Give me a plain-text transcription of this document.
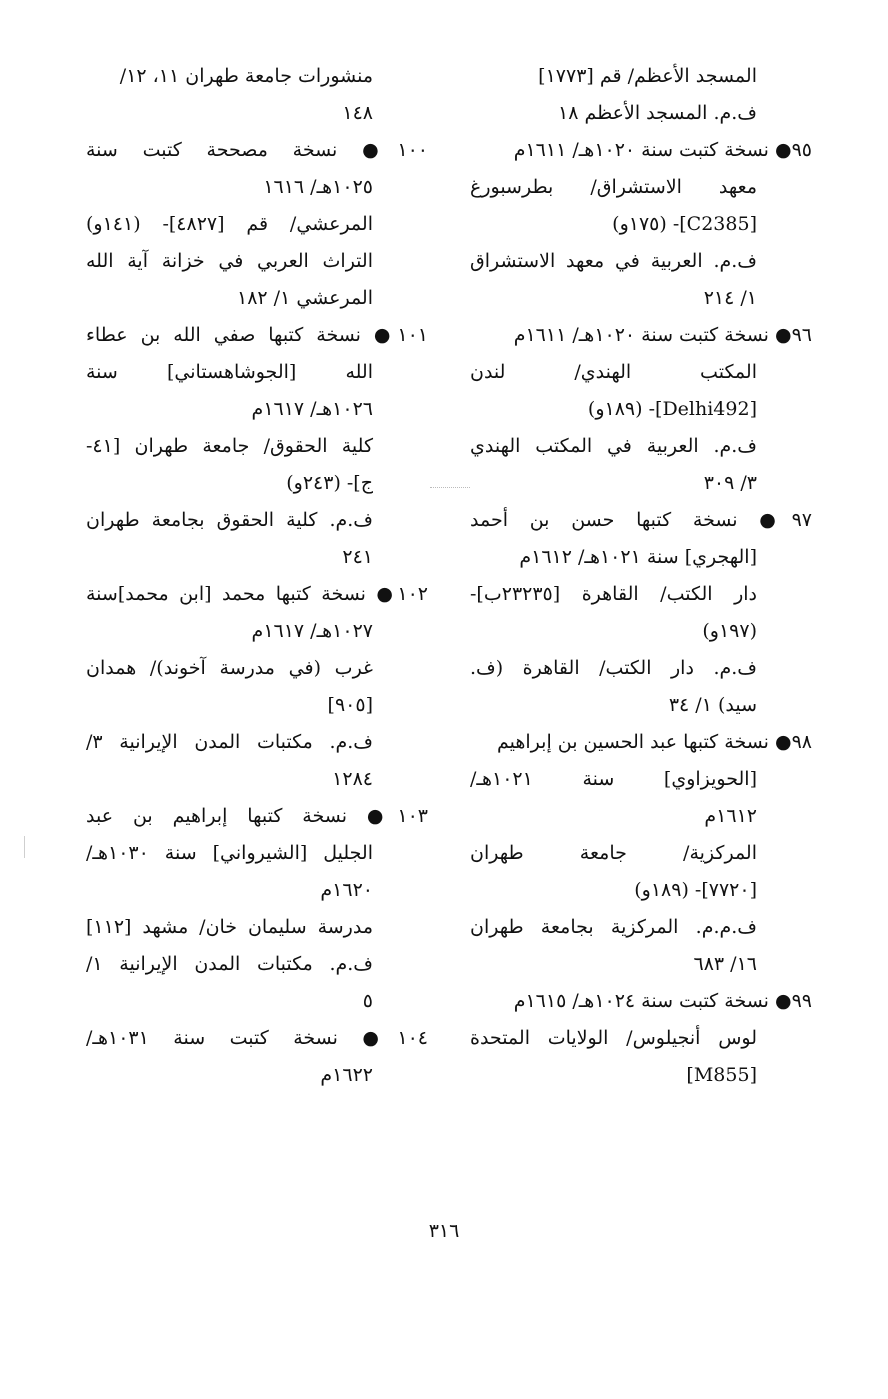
المسجد الأعظم/ قم [١٧٧٣]
ف.م. المسجد الأعظم ١٨
٩٥● نسخة كتبت سنة ١٠٢٠هـ/ ١٦١١م
معهد الاستشراق/ بطرسبورغ
[C2385]- (١٧٥و)
ف.م. العربية في معهد الاستشراق
١/ ٢١٤
٩٦● نسخة كتبت سنة ١٠٢٠هـ/ ١٦١١م
المكتب الهندي/ لندن
[Delhi492]- (١٨٩و)
ف.م. العربية في المكتب الهندي
٣/ ٣٠٩
٩٧● نسخة كتبها حسن بن أحمد
[الهجري] سنة ١٠٢١هـ/ ١٦١٢م
دار الكتب/ القاهرة [٢٣٢٣٥ب]-
(١٩٧و)
ف.م. دار الكتب/ القاهرة (ف.
سيد) ١/ ٣٤
٩٨● نسخة كتبها عبد الحسين بن إبراهيم
[الحويزاوي] سنة ١٠٢١هـ/
١٦١٢م
المركزية/ جامعة طهران
[٧٧٢٠]- (١٨٩و)
ف.م.م. المركزية بجامعة طهران
١٦/ ٦٨٣
٩٩● نسخة كتبت سنة ١٠٢٤هـ/ ١٦١٥م
لوس أنجيلوس/ الولايات المتحدة
[M855]
منشورات جامعة طهران ١١، ١٢/
١٤٨
١٠٠● نسخة مصححة كتبت سنة
١٠٢٥هـ/ ١٦١٦
المرعشي/ قم [٤٨٢٧]- (١٤١و)
التراث العربي في خزانة آية الله
المرعشي ١/ ١٨٢
١٠١● نسخة كتبها صفي الله بن عطاء
الله [الجوشاهستاني] سنة
١٠٢٦هـ/ ١٦١٧م
كلية الحقوق/ جامعة طهران [٤١-
ج]- (٢٤٣و)
ف.م. كلية الحقوق بجامعة طهران
٢٤١
١٠٢● نسخة كتبها محمد [ابن محمد]سنة
١٠٢٧هـ/ ١٦١٧م
غرب (في مدرسة آخوند)/ همدان
[٩٠٥]
ف.م. مكتبات المدن الإيرانية ٣/
١٢٨٤
١٠٣● نسخة كتبها إبراهيم بن عبد
الجليل [الشيرواني] سنة ١٠٣٠هـ/
١٦٢٠م
مدرسة سليمان خان/ مشهد [١١٢]
ف.م. مكتبات المدن الإيرانية ١/
٥
١٠٤● نسخة كتبت سنة ١٠٣١هـ/
١٦٢٢م
٣١٦
